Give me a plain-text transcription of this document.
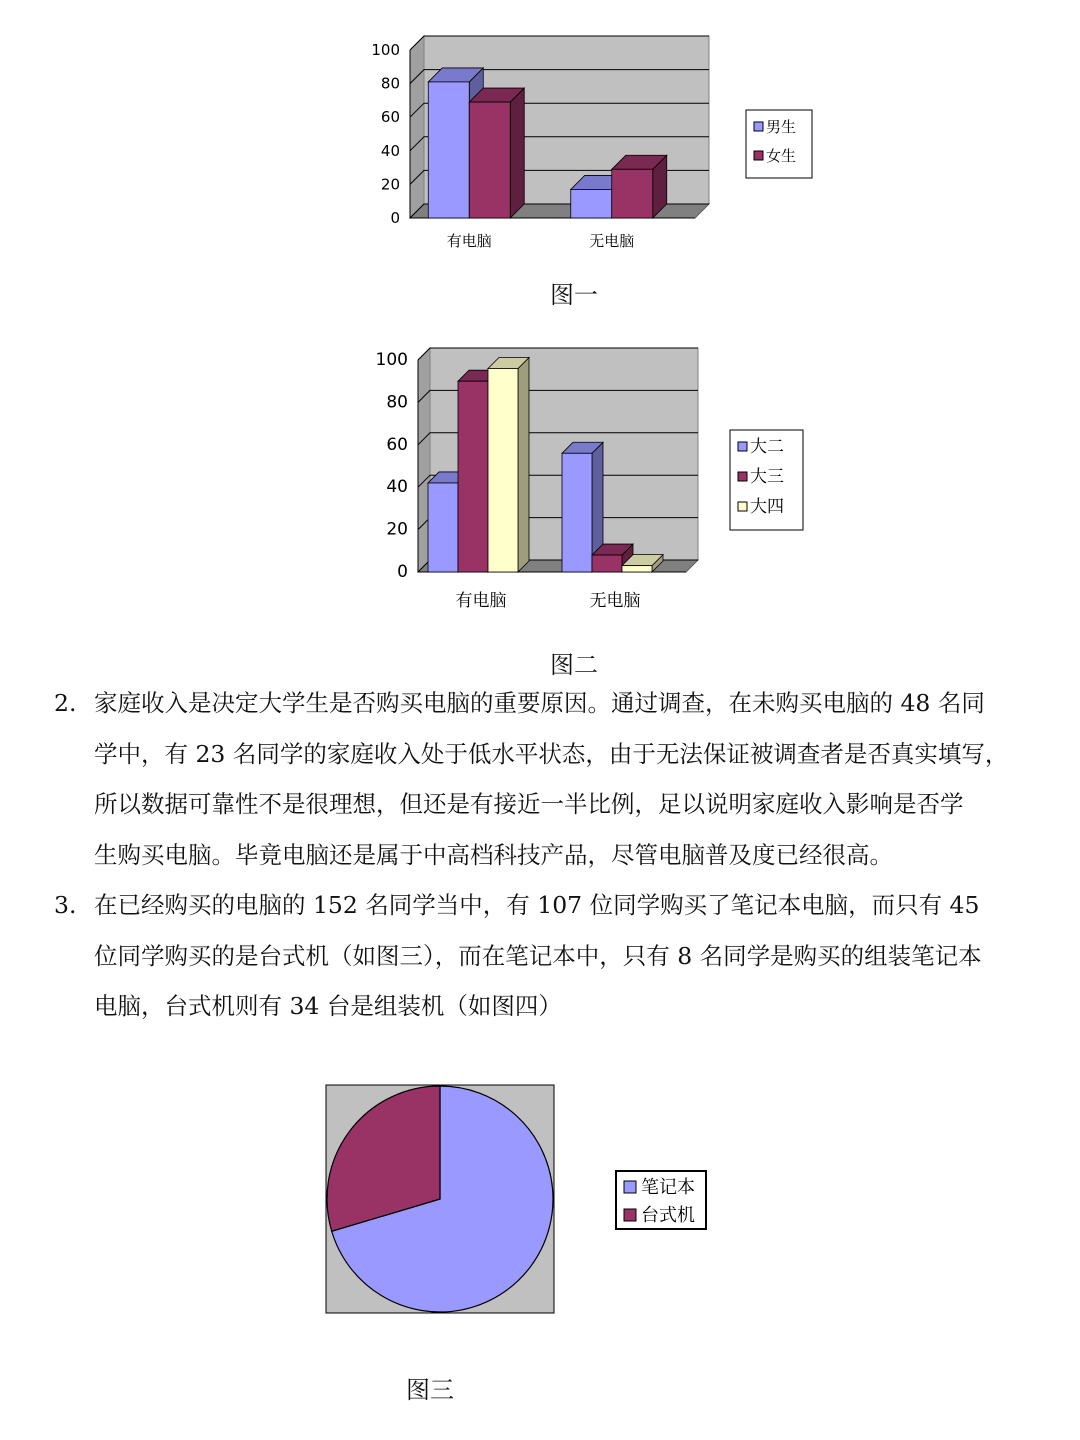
0
20
40
60
80
100
有电脑	无电脑
男生
女生
图一
0
20
40
60
80
100
有电脑	无电脑
大二
大三
大四
图二
2. 家庭收入是决定大学生是否购买电脑的重要原因。通过调查，在未购买电脑的 48 名同
学中，有 23 名同学的家庭收入处于低水平状态，由于无法保证被调查者是否真实填写，
所以数据可靠性不是很理想，但还是有接近一半比例，足以说明家庭收入影响是否学
生购买电脑。毕竟电脑还是属于中高档科技产品，尽管电脑普及度已经很高。
3. 在已经购买的电脑的 152 名同学当中，有 107 位同学购买了笔记本电脑，而只有 45
位同学购买的是台式机（如图三），而在笔记本中，只有 8 名同学是购买的组装笔记本
电脑，台式机则有 34 台是组装机（如图四）
笔记本
台式机
图三
